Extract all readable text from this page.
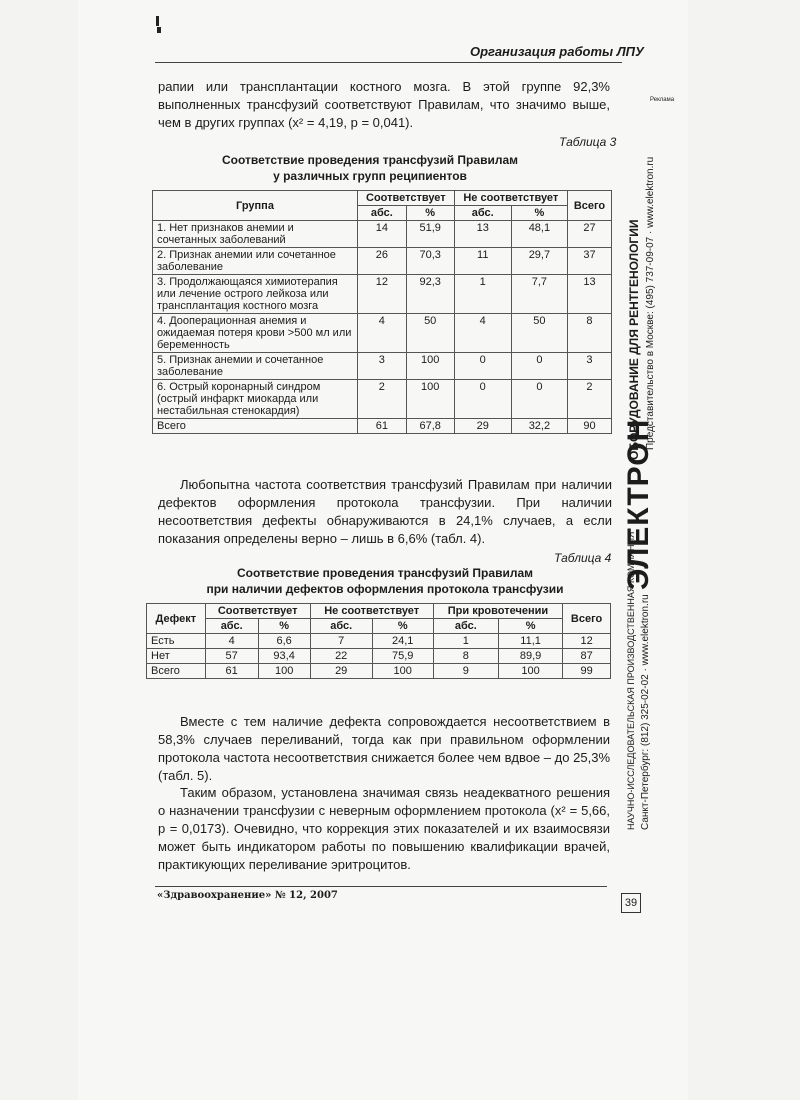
Организация работы ЛПУ

рапии или трансплантации костного мозга. В этой группе 92,3% выполненных трансфузий соответствуют Правилам, что значимо выше, чем в других группах (x² = 4,19, p = 0,041).

Таблица 3
Соответствие проведения трансфузий Правилам
у различных групп реципиентов
Группа	Соответствует		Не соответствует		Всего
	абс.	%	абс.	%	
1. Нет признаков анемии и сочетанных заболеваний	14	51,9	13	48,1	27
2. Признак анемии или сочетанное заболевание	26	70,3	11	29,7	37
3. Продолжающаяся химиотерапия или лечение острого лейкоза или трансплантация костного мозга	12	92,3	1	7,7	13
4. Дооперационная анемия и ожидаемая потеря крови >500 мл или беременность	4	50	4	50	8
5. Признак анемии и сочетанное заболевание	3	100	0	0	3
6. Острый коронарный синдром (острый инфаркт миокарда или нестабильная стенокардия)	2	100	0	0	2
Всего	61	67,8	29	32,2	90

Любопытна частота соответствия трансфузий Правилам при наличии дефектов оформления протокола трансфузии. При наличии несоответствия дефекты обнаруживаются в 24,1% случаев, а если показания определены верно – лишь в 6,6% (табл. 4).

Таблица 4
Соответствие проведения трансфузий Правилам
при наличии дефектов оформления протокола трансфузии
Дефект	Соответствует		Не соответствует		При кровотечении		Всего
	абс.	%	абс.	%	абс.	%	
Есть	4	6,6	7	24,1	1	11,1	12
Нет	57	93,4	22	75,9	8	89,9	87
Всего	61	100	29	100	9	100	99

Вместе с тем наличие дефекта сопровождается несоответствием в 58,3% случаев переливаний, тогда как при правильном оформлении протокола частота несоответствия снижается более чем вдвое – до 25,3% (табл. 5).

Таким образом, установлена значимая связь неадекватного решения о назначении трансфузии с неверным оформлением протокола (x² = 5,66, p = 0,0173). Очевидно, что коррекция этих показателей и их взаимосвязи может быть индикатором работы по повышению квалификации врачей, практикующих переливание эритроцитов.

«Здравоохранение» № 12, 2007
39
Реклама
ОБОРУДОВАНИЕ ДЛЯ РЕНТГЕНОЛОГИИ Представительство в Москве: (495) 737-09-07 · www.elektron.ru
ЭЛЕКТРОН
НАУЧНО-ИССЛЕДОВАТЕЛЬСКАЯ ПРОИЗВОДСТВЕННАЯ КОМПАНИЯ Санкт-Петербург: (812) 325-02-02 · www.elektron.ru
